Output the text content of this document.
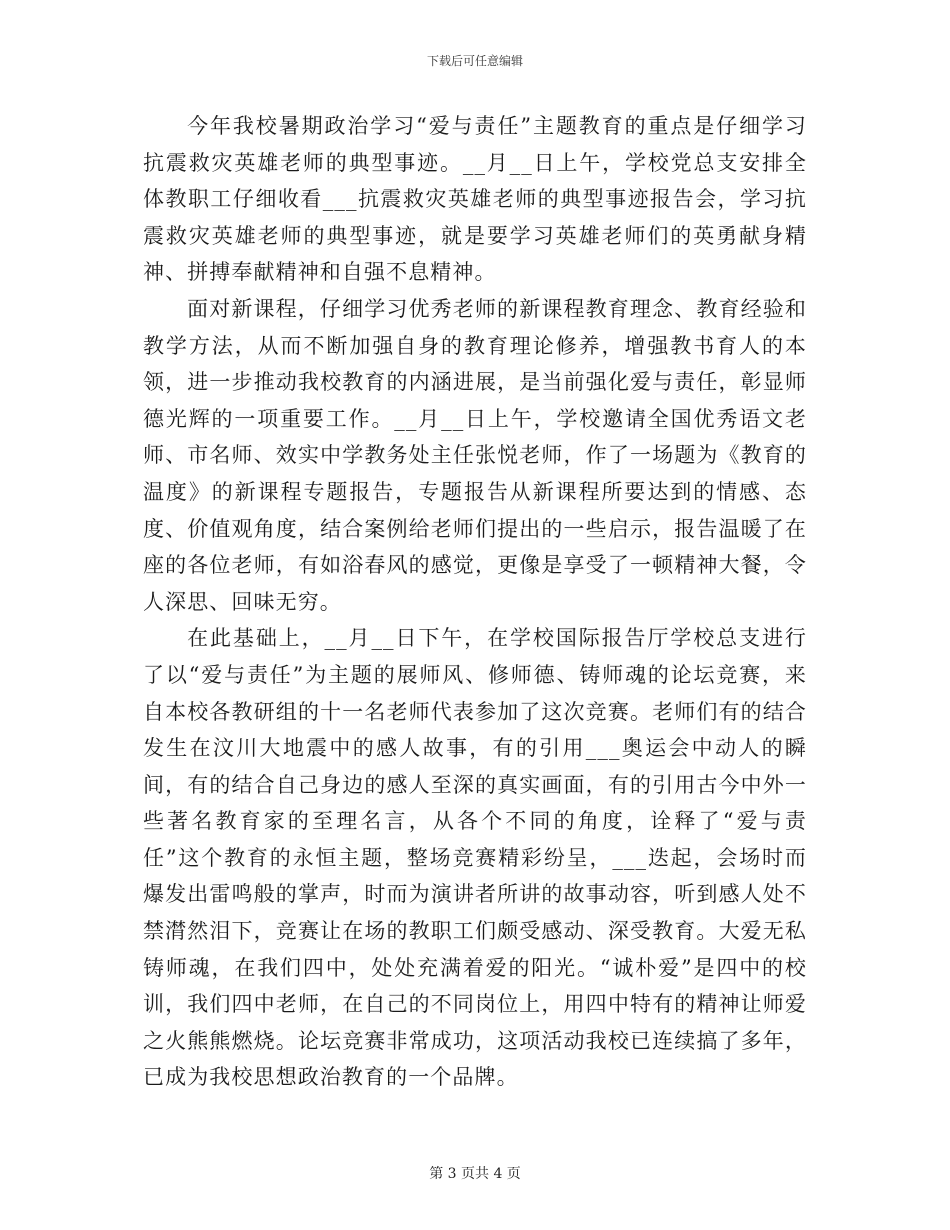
下载后可任意编辑

今年我校暑期政治学习“爱与责任”主题教育的重点是仔细学习抗震救灾英雄老师的典型事迹。__月__日上午，学校党总支安排全体教职工仔细收看___抗震救灾英雄老师的典型事迹报告会，学习抗震救灾英雄老师的典型事迹，就是要学习英雄老师们的英勇献身精神、拼搏奉献精神和自强不息精神。

面对新课程，仔细学习优秀老师的新课程教育理念、教育经验和教学方法，从而不断加强自身的教育理论修养，增强教书育人的本领，进一步推动我校教育的内涵进展，是当前强化爱与责任，彰显师德光辉的一项重要工作。__月__日上午，学校邀请全国优秀语文老师、市名师、效实中学教务处主任张悦老师，作了一场题为《教育的温度》的新课程专题报告，专题报告从新课程所要达到的情感、态度、价值观角度，结合案例给老师们提出的一些启示，报告温暖了在座的各位老师，有如浴春风的感觉，更像是享受了一顿精神大餐，令人深思、回味无穷。

在此基础上，__月__日下午，在学校国际报告厅学校总支进行了以“爱与责任”为主题的展师风、修师德、铸师魂的论坛竞赛，来自本校各教研组的十一名老师代表参加了这次竞赛。老师们有的结合发生在汶川大地震中的感人故事，有的引用___奥运会中动人的瞬间，有的结合自己身边的感人至深的真实画面，有的引用古今中外一些著名教育家的至理名言，从各个不同的角度，诠释了“爱与责任”这个教育的永恒主题，整场竞赛精彩纷呈，___迭起，会场时而爆发出雷鸣般的掌声，时而为演讲者所讲的故事动容，听到感人处不禁潸然泪下，竞赛让在场的教职工们颇受感动、深受教育。大爱无私铸师魂，在我们四中，处处充满着爱的阳光。“诚朴爱”是四中的校训，我们四中老师，在自己的不同岗位上，用四中特有的精神让师爱之火熊熊燃烧。论坛竞赛非常成功，这项活动我校已连续搞了多年，已成为我校思想政治教育的一个品牌。

第 3 页共 4 页
